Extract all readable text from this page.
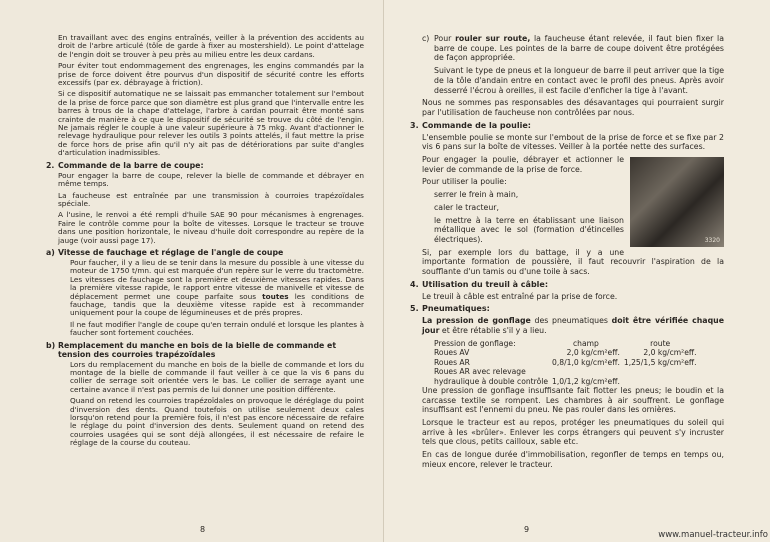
En travaillant avec des engins entraînés, veiller à la prévention des accidents au droit de l'arbre articulé (tôle de garde à fixer au mostershield). Le point d'attelage de l'engin doit se trouver à peu près au milieu entre les deux cardans.

Pour éviter tout endommagement des engrenages, les engins commandés par la prise de force doivent être pourvus d'un dispositif de sécurité contre les efforts excessifs (par ex. débrayage à friction).

Si ce dispositif automatique ne se laissait pas emmancher totalement sur l'embout de la prise de force parce que son diamètre est plus grand que l'intervalle entre les barres à trous de la chape d'attelage, l'arbre à cardan pourrait être monté sans crainte de manière à ce que le dispositif de sécurité se trouve du côté de l'engin. Ne jamais régler le couple à une valeur supérieure à 75 mkg. Avant d'actionner le relevage hydraulique pour relever les outils 3 points attelés, il faut mettre la prise de force hors de prise afin qu'il n'y ait pas de détériorations par suite d'angles d'articulation inadmissibles.

2. Commande de la barre de coupe:

Pour engager la barre de coupe, relever la bielle de commande et débrayer en même temps.

La faucheuse est entraînée par une transmission à courroies trapézoïdales spéciale.

A l'usine, le renvoi a été rempli d'huile SAE 90 pour mécanismes à engrenages. Faire le contrôle comme pour la boîte de vitesses. Lorsque le tracteur se trouve dans une position horizontale, le niveau d'huile doit correspondre au repère de la jauge (voir aussi page 17).

a) Vitesse de fauchage et réglage de l'angle de coupe

Pour faucher, il y a lieu de se tenir dans la mesure du possible à une vitesse du moteur de 1750 t/mn. qui est marquée d'un repère sur le verre du tractomètre. Les vitesses de fauchage sont la première et deuxième vitesses rapides. Dans la première vitesse rapide, le rapport entre vitesse de manivelle et vitesse de déplacement permet une coupe parfaite sous toutes les conditions de fauchage, tandis que la deuxième vitesse rapide est à recommander uniquement pour la coupe de légumineuses et de prés propres.

Il ne faut modifier l'angle de coupe qu'en terrain ondulé et lorsque les plantes à faucher sont fortement couchées.

b) Remplacement du manche en bois de la bielle de commande et tension des courroies trapézoïdales

Lors du remplacement du manche en bois de la bielle de commande et lors du montage de la bielle de commande il faut veiller à ce que la vis 6 pans du collier de serrage soit orientée vers le bas. Le collier de serrage ayant une certaine avance il n'est pas permis de lui donner une position différente.

Quand on retend les courroies trapézoïdales on provoque le déréglage du point d'inversion des dents. Quand toutefois on utilise seulement deux cales lorsqu'on retend pour la première fois, il n'est pas encore nécessaire de refaire le réglage du point d'inversion des dents. Seulement quand on retend des courroies usagées qui se sont déjà allongées, il est nécessaire de refaire le réglage de la course du couteau.

8

c) Pour rouler sur route, la faucheuse étant relevée, il faut bien fixer la barre de coupe. Les pointes de la barre de coupe doivent être protégées de façon appropriée.

Suivant le type de pneus et la longueur de barre il peut arriver que la tige de la tôle d'andain entre en contact avec le profil des pneus. Après avoir desserré l'écrou à oreilles, il est facile d'enficher la tige à l'avant.

Nous ne sommes pas responsables des désavantages qui pourraient surgir par l'utilisation de faucheuse non contrôlées par nous.

3. Commande de la poulie:

L'ensemble poulie se monte sur l'embout de la prise de force et se fixe par 2 vis 6 pans sur la boîte de vitesses. Veiller à la portée nette des surfaces.

3320

Pour engager la poulie, débrayer et actionner le levier de commande de la prise de force.

Pour utiliser la poulie:

serrer le frein à main,

caler le tracteur,

le mettre à la terre en établissant une liaison métallique avec le sol (formation d'étincelles électriques).

Si, par exemple lors du battage, il y a une importante formation de poussière, il faut recouvrir l'aspiration de la soufflante d'un tamis ou d'une toile à sacs.

4. Utilisation du treuil à câble:

Le treuil à câble est entraîné par la prise de force.

5. Pneumatiques:

La pression de gonflage des pneumatiques doit être vérifiée chaque jour et être rétablie s'il y a lieu.

Pression de gonflage:	champ	route
Roues AV	2,0 kg/cm²eff.	2,0 kg/cm²eff.
Roues AR	0,8/1,0 kg/cm²eff.	1,25/1,5 kg/cm²eff.
Roues AR avec relevage		
hydraulique à double contrôle	1,0/1,2 kg/cm²eff.	

Une pression de gonflage insuffisante fait flotter les pneus; le boudin et la carcasse textile se rompent. Les chambres à air souffrent. Le gonflage insuffisant est l'ennemi du pneu. Ne pas rouler dans les ornières.

Lorsque le tracteur est au repos, protéger les pneumatiques du soleil qui arrive à les «brûler». Enlever les corps étrangers qui peuvent s'y incruster tels que clous, petits cailloux, sable etc.

En cas de longue durée d'immobilisation, regonfler de temps en temps ou, mieux encore, relever le tracteur.

9
www.manuel-tracteur.info
